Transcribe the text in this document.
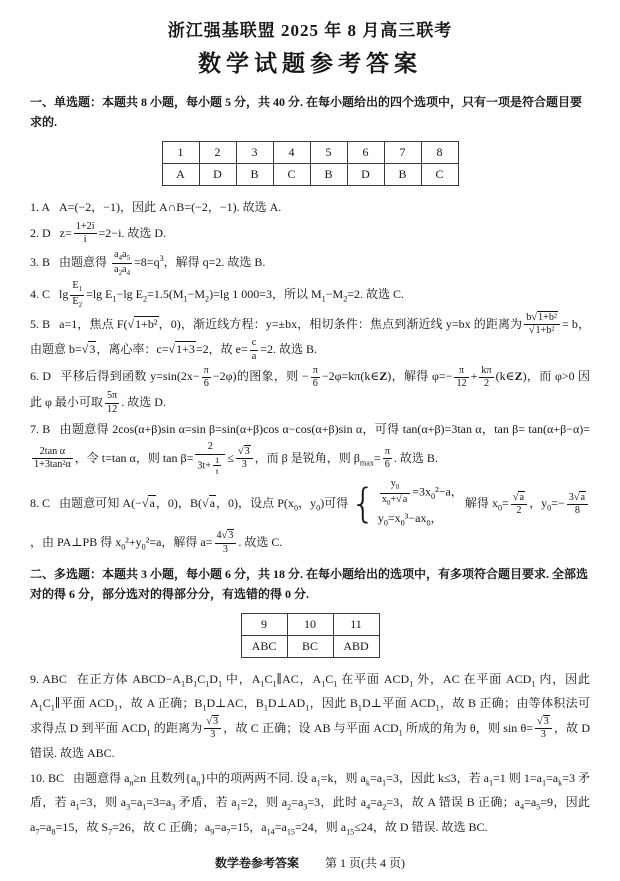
浙江强基联盟 2025 年 8 月高三联考
数学试题参考答案

一、单选题：本题共 8 小题，每小题 5 分，共 40 分. 在每小题给出的四个选项中，只有一项是符合题目要求的.

1	2	3	4	5	6	7	8
A	D	B	C	B	D	B	C
1. A A=(−2，−1)，因此 A∩B=(−2，−1). 故选 A.
2. D $z= \frac{1+2i}{i} =2-i$. 故选 D.
3. B 由题意得 $\frac{a_4a_5}{a_2a_4} =8=q^3$，解得 q=2. 故选 B.
4. C $\lg \frac{E_1}{E_2} =\lg$ $E_1-\lg$ $E_2=1.5(M_1-M_2)=\lg$ 1 000=3，所以 $M_1-M_2=2$. 故选 C.
5. B a=1，焦点 F(√1+b²，0)，渐近线方程：y=±bx，相切条件：焦点到渐近线 y=bx 的距离为 $\frac{\text{b√1+b²}}{\text{√1+b²}} = b$，由题意 b=√3，离心率：c=√1+3=2，故 $e= \frac{c}{a} =2$. 故选 B.
6. D 平移后得到函数 $y=\sin(2x- \frac{\pi}{6} -2\varphi)$的图象，则 − $\frac{\pi}{6}$ −2φ=kπ(k∈Z)，解得 $\varphi=- \frac{\pi}{12} + \frac{k\pi}{2}$ (k∈Z)，而 φ>0 因此 φ 最小可取 $\frac{5\pi}{12}$ . 故选 D.
7. B 由题意得 2cos(α+β)sin α=sin β=sin(α+β)cos α−cos(α+β)sin α，可得 tan(α+β)=3tan α，tan β= tan(α+β−α)=
$\frac{\text{2tan α}}{\text{1+3tan²α}}$ ，令 t=tan α，则 $\tan \beta= \frac{2}{3t+ \frac{1}{t}} \le \frac{√3}{3}$ ，而 β 是锐角，则 $\beta_{max}= \frac{\pi}{6}$ . 故选 B.
8. C 由题意可知 A(−√a，0)，B(√a，0)，设点 $P(x_0$，$y_0$)可得 { $\frac{y_0}{x_0+√a} =3x_0^2-a$，
$y_0=x_0^3-ax_0$，
解得 $x_0= \frac{√a}{2}$ ，$y_0=- \frac{3√a}{8}$
，由 PA⊥PB 得 $x_0^2+y_0^2=a$，解得 $a= \frac{4√3}{3}$ . 故选 C.

二、多选题：本题共 3 小题，每小题 6 分，共 18 分. 在每小题给出的选项中，有多项符合题目要求. 全部选对的得 6 分，部分选对的得部分分，有选错的得 0 分.

9	10	11
ABC	BC	ABD
9. ABC 在正方体 $ABCD-A_1B_1C_1D_1$ 中，$A_1C_1\parallel AC$，$A_1C_1$ 在平面 $ACD_1$ 外，AC 在平面 $ACD_1$ 内，因此 $A_1C_1\parallel$平面 $ACD_1$，故 A 正确；$B_1D\perp AC$，$B_1D\perp AD_1$，因此 $B_1D\perp$平面 $ACD_1$，故 B 正确；由等体积法可求得点 D 到平面 $ACD_1$ 的距离为 $\frac{√3}{3}$ ，故 C 正确；设 AB 与平面 $ACD_1$ 所成的角为 θ，则 $\sin \theta= \frac{√3}{3}$ ，故 D 错误. 故选 ABC.
10. BC 由题意得 $a_n\ge n$ 且数列$\{a_n\}$中的项两两不同. 设 $a_1=k$，则 $a_k=a_1=3$，因此 k≤3，若 $a_1=1$ 则 $1=a_1=a_k=3$ 矛盾，若 $a_1=3$，则 $a_3=a_1=3=a_3$ 矛盾，若 $a_1=2$，则 $a_2=a_3=3$，此时 $a_4=a_2=3$，故 A 错误 B 正确；$a_4=a_5=9$，因此 $a_7=a_8=15$，故 $S_7=26$，故 C 正确；$a_9=a_7=15$，$a_{14}=a_{15}=24$，则 $a_{15}\le 24$，故 D 错误. 故选 BC.
数学卷参考答案 第 1 页(共 4 页)
